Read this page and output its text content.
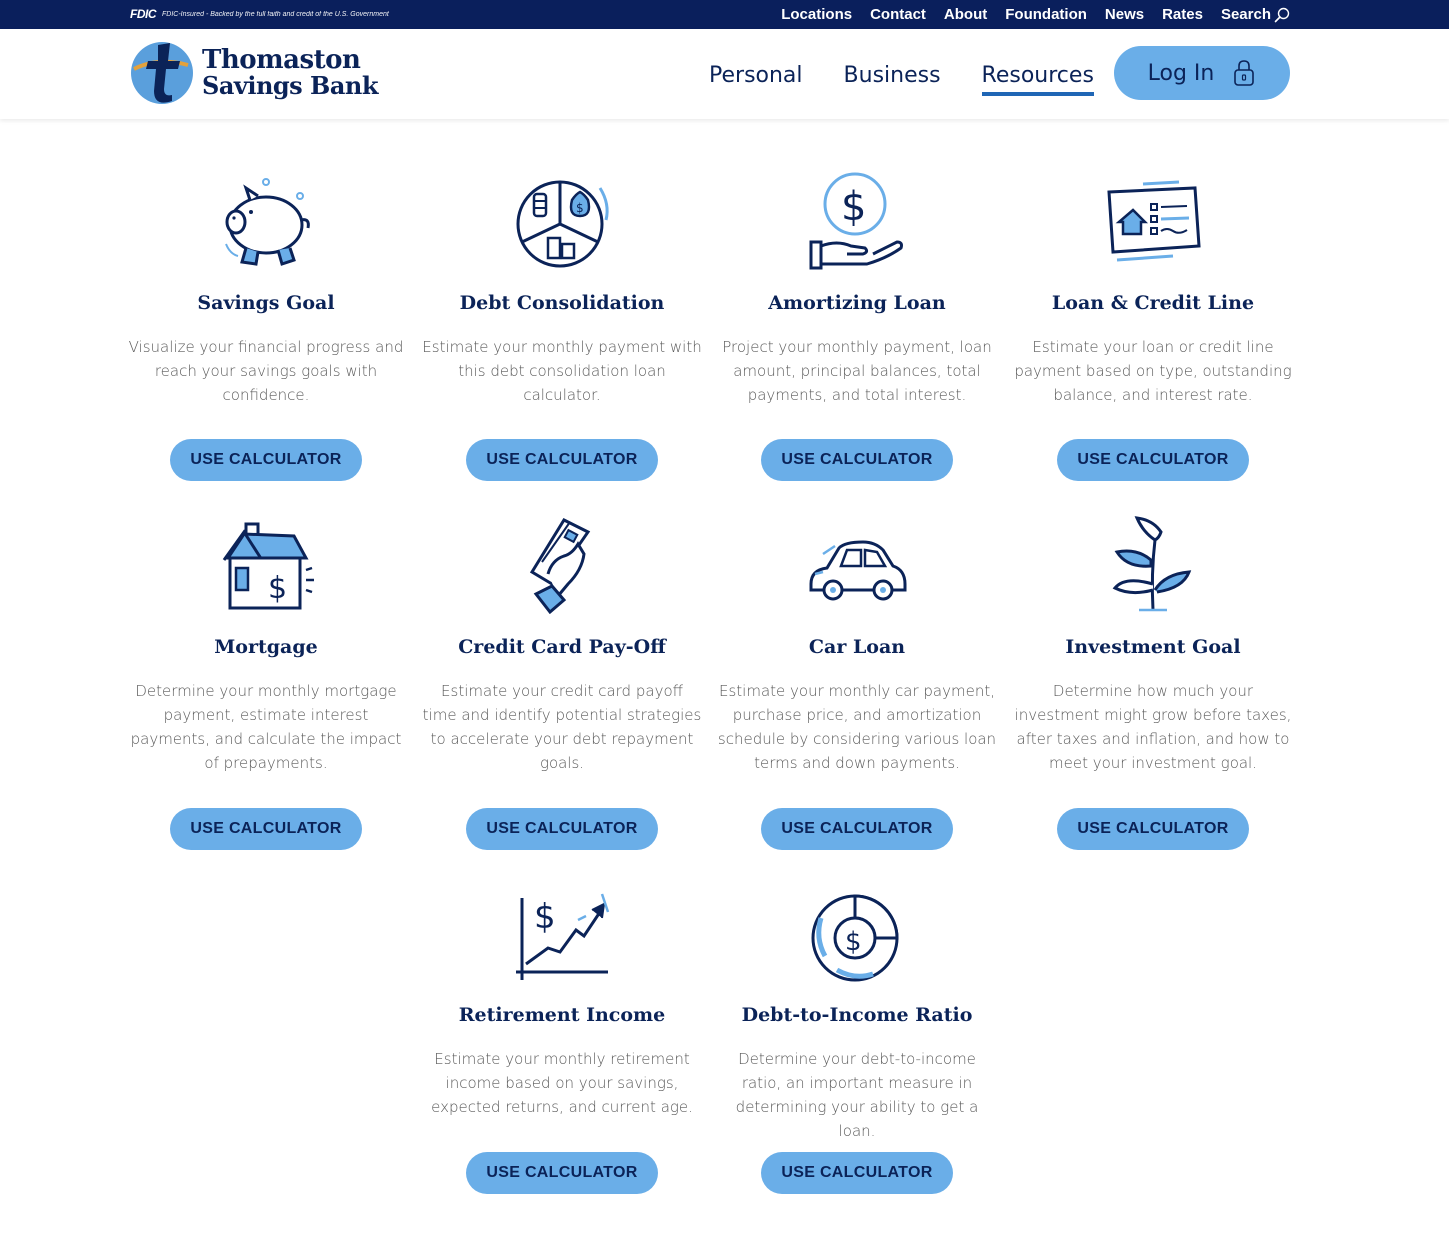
FDIC FDIC-Insured - Backed by the full faith and credit of the U.S. Government	Locations Contact About Foundation News Rates Search
Thomaston
Savings Bank	Personal Business Resources Log In
Savings Goal
Visualize your financial progress and reach your savings goals with confidence.
USE CALCULATOR
$
Debt Consolidation
Estimate your monthly payment with this debt consolidation loan calculator.
USE CALCULATOR
$
Amortizing Loan
Project your monthly payment, loan amount, principal balances, total payments, and total interest.
USE CALCULATOR
Loan & Credit Line
Estimate your loan or credit line payment based on type, outstanding balance, and interest rate.
USE CALCULATOR
$
Mortgage
Determine your monthly mortgage payment, estimate interest payments, and calculate the impact of prepayments.
USE CALCULATOR
Credit Card Pay-Off
Estimate your credit card payoff time and identify potential strategies to accelerate your debt repayment goals.
USE CALCULATOR
Car Loan
Estimate your monthly car payment, purchase price, and amortization schedule by considering various loan terms and down payments.
USE CALCULATOR
Investment Goal
Determine how much your investment might grow before taxes, after taxes and inflation, and how to meet your investment goal.
USE CALCULATOR
$
Retirement Income
Estimate your monthly retirement income based on your savings, expected returns, and current age.
USE CALCULATOR
$
Debt-to-Income Ratio
Determine your debt-to-income ratio, an important measure in determining your ability to get a loan.
USE CALCULATOR
